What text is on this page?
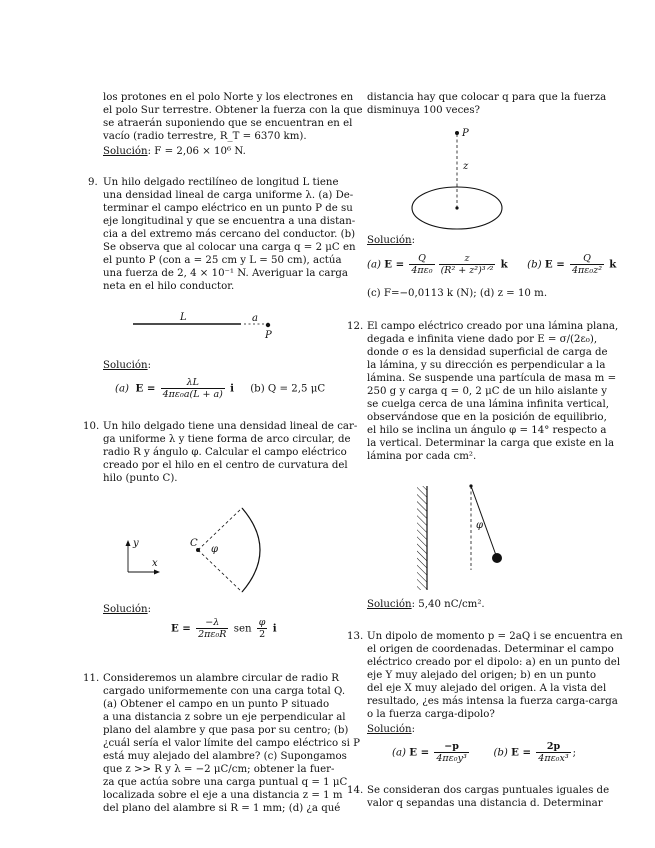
los protones en el polo Norte y los electrones en
el polo Sur terrestre. Obtener la fuerza con la que
se atraerán suponiendo que se encuentran en el
vacío (radio terrestre, R_T = 6370 km).
Solución: F = 2,06 × 10⁶ N.
9. Un hilo delgado rectilíneo de longitud L tiene
una densidad lineal de carga uniforme λ. (a) De-
terminar el campo eléctrico en un punto P de su
eje longitudinal y que se encuentra a una distan-
cia a del extremo más cercano del conductor. (b)
Se observa que al colocar una carga q = 2 μC en
el punto P (con a = 25 cm y L = 50 cm), actúa
una fuerza de 2, 4 × 10⁻¹ N. Averiguar la carga
neta en el hilo conductor.
L	a
P
Solución:
(a) $E = \frac{\lambda L}{\text{4πε₀a(L + a)}}$ i (b) Q = 2,5 μC
10. Un hilo delgado tiene una densidad lineal de car-
ga uniforme λ y tiene forma de arco circular, de
radio R y ángulo φ. Calcular el campo eléctrico
creado por el hilo en el centro de curvatura del
hilo (punto C).
y
x
C
φ
Solución:
$E = \frac{-\lambda}{\text{2πε₀R}}$ sen $\frac{\varphi}{2}$ i
11. Consideremos un alambre circular de radio R
cargado uniformemente con una carga total Q.
(a) Obtener el campo en un punto P situado
a una distancia z sobre un eje perpendicular al
plano del alambre y que pasa por su centro; (b)
¿cuál sería el valor límite del campo eléctrico si P
está muy alejado del alambre? (c) Supongamos
que z >> R y λ = −2 μC/cm; obtener la fuer-
za que actúa sobre una carga puntual q = 1 μC
localizada sobre el eje a una distancia z = 1 m
del plano del alambre si R = 1 mm; (d) ¿a qué
distancia hay que colocar q para que la fuerza
disminuya 100 veces?
P
z
Solución:
(a) $E = \frac{Q}{\text{4πε₀}} \frac{z}{\text{(R² + z²)³ᐟ²}}$ k (b) $E = \frac{Q}{\text{4πε₀z²}}$ k
(c) F=−0,0113 k (N); (d) z = 10 m.
12. El campo eléctrico creado por una lámina plana,
degada e infinita viene dado por E = σ/(2ε₀),
donde σ es la densidad superficial de carga de
la lámina, y su dirección es perpendicular a la
lámina. Se suspende una partícula de masa m =
250 g y carga q = 0, 2 μC de un hilo aislante y
se cuelga cerca de una lámina infinita vertical,
observándose que en la posición de equilibrio,
el hilo se inclina un ángulo φ = 14° respecto a
la vertical. Determinar la carga que existe en la
lámina por cada cm².
φ
Solución: 5,40 nC/cm².
13. Un dipolo de momento p = 2aQ i se encuentra en
el origen de coordenadas. Determinar el campo
eléctrico creado por el dipolo: a) en un punto del
eje Y muy alejado del origen; b) en un punto
del eje X muy alejado del origen. A la vista del
resultado, ¿es más intensa la fuerza carga-carga
o la fuerza carga-dipolo?
Solución:
(a) $E = \frac{-p}{\text{4πε₀y³}} (b) E = \frac{2p}{\text{4πε₀x³}}$ ;
14. Se consideran dos cargas puntuales iguales de
valor q sepandas una distancia d. Determinar
